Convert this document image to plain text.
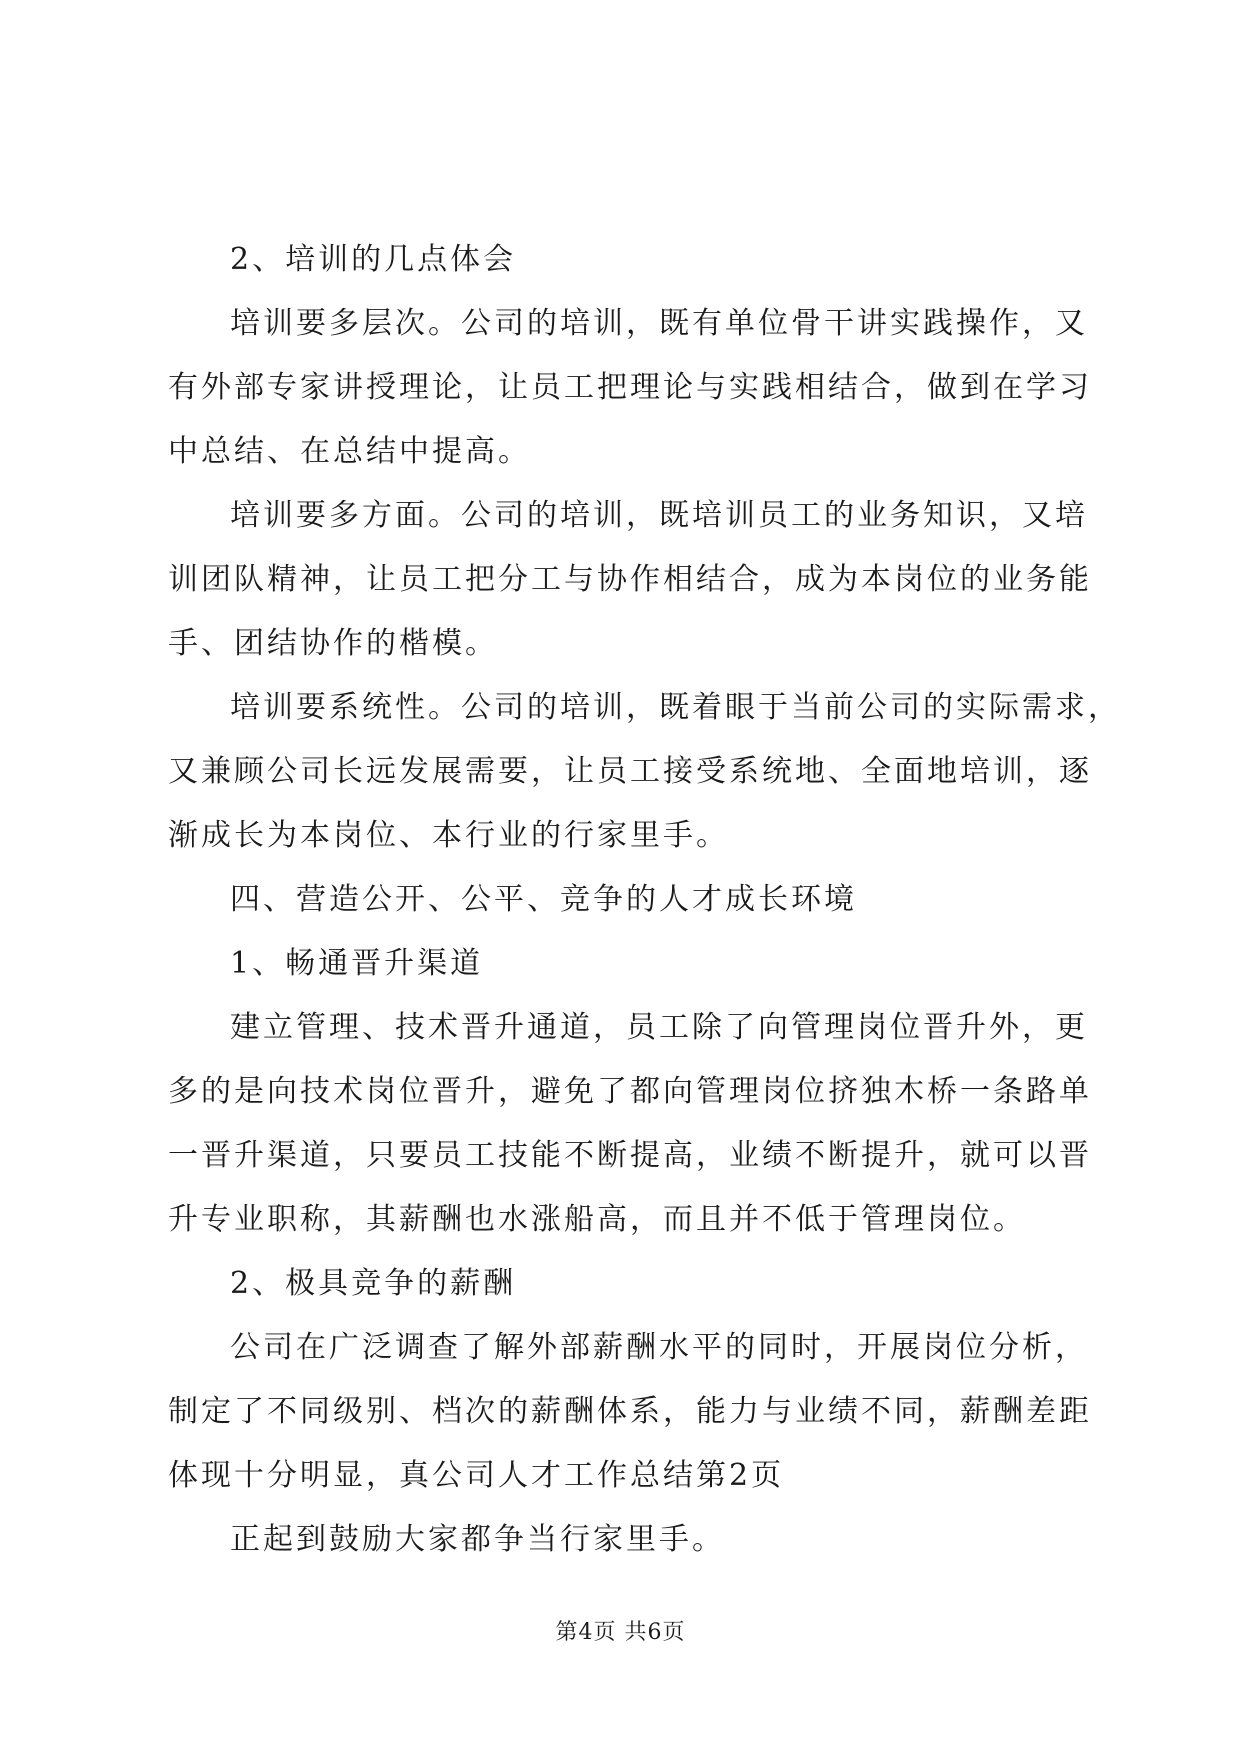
2、培训的几点体会
培训要多层次。公司的培训，既有单位骨干讲实践操作，又
有外部专家讲授理论，让员工把理论与实践相结合，做到在学习
中总结、在总结中提高。
培训要多方面。公司的培训，既培训员工的业务知识，又培
训团队精神，让员工把分工与协作相结合，成为本岗位的业务能
手、团结协作的楷模。
培训要系统性。公司的培训，既着眼于当前公司的实际需求，
又兼顾公司长远发展需要，让员工接受系统地、全面地培训，逐
渐成长为本岗位、本行业的行家里手。
四、营造公开、公平、竞争的人才成长环境
1、畅通晋升渠道
建立管理、技术晋升通道，员工除了向管理岗位晋升外，更
多的是向技术岗位晋升，避免了都向管理岗位挤独木桥一条路单
一晋升渠道，只要员工技能不断提高，业绩不断提升，就可以晋
升专业职称，其薪酬也水涨船高，而且并不低于管理岗位。
2、极具竞争的薪酬
公司在广泛调查了解外部薪酬水平的同时，开展岗位分析，
制定了不同级别、档次的薪酬体系，能力与业绩不同，薪酬差距
体现十分明显，真公司人才工作总结第2页
正起到鼓励大家都争当行家里手。
第4页 共6页
